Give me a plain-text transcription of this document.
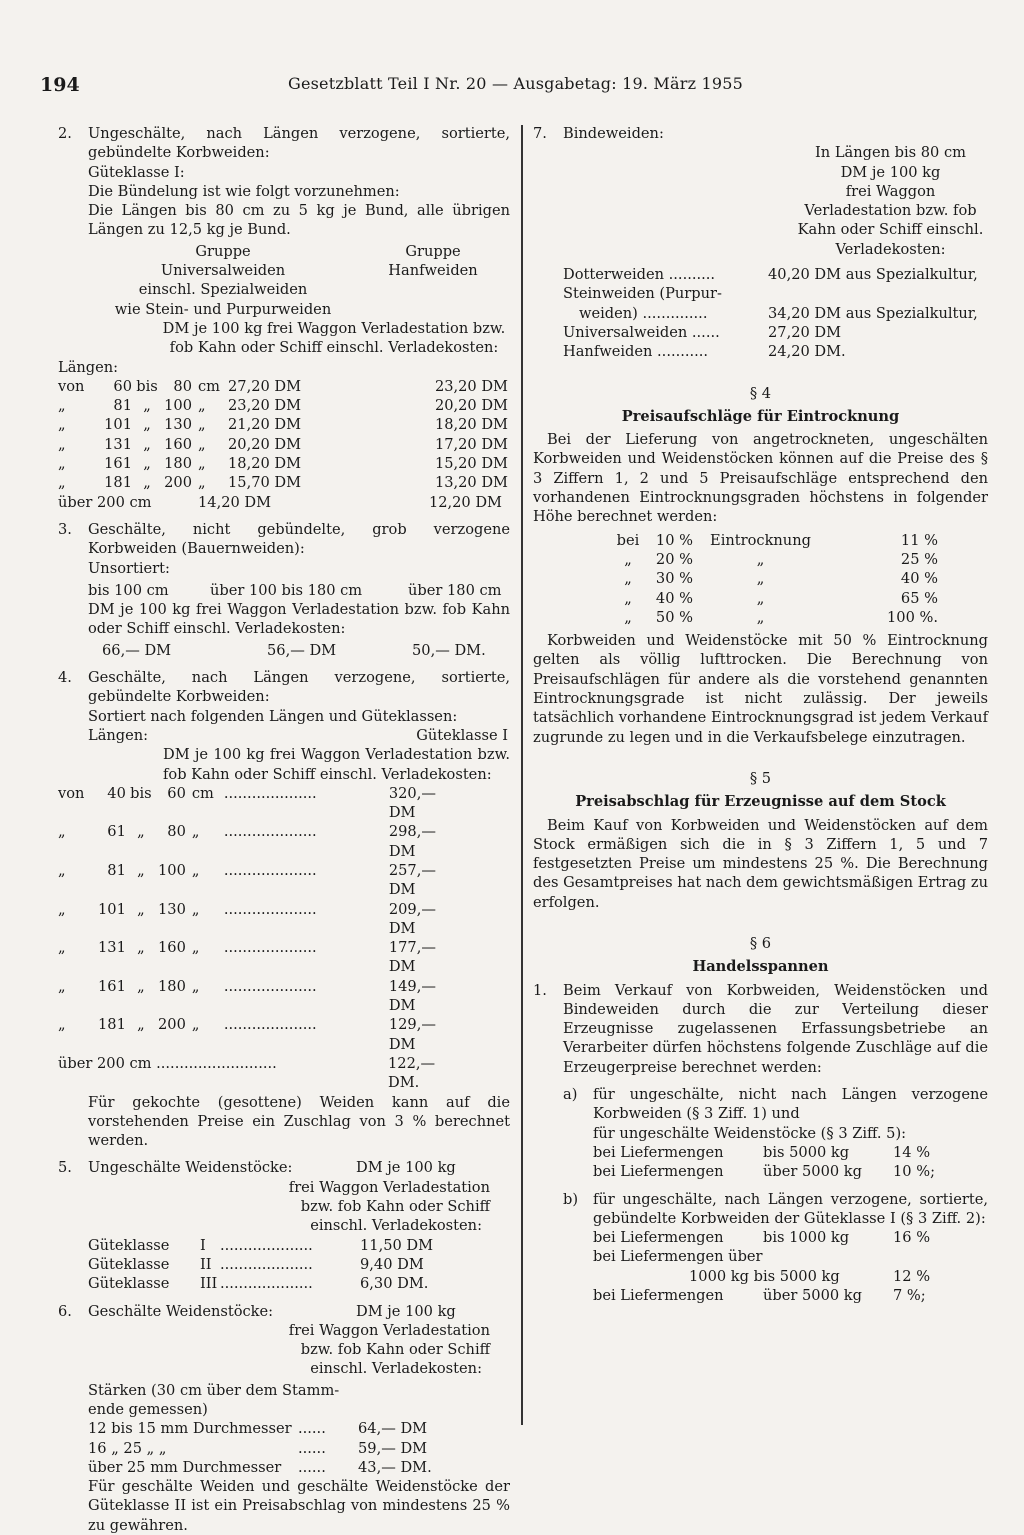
194	Gesetzblatt Teil I Nr. 20 — Ausgabetag: 19. März 1955
2. Ungeschälte, nach Längen verzogene, sortierte, gebündelte Korbweiden:

Güteklasse I:

Die Bündelung ist wie folgt vorzunehmen:

Die Längen bis 80 cm zu 5 kg je Bund, alle übrigen Längen zu 12,5 kg je Bund.

Gruppe
Universalweiden
einschl. Spezialweiden
wie Stein- und Purpurweiden
Gruppe
Hanfweiden

DM je 100 kg frei Waggon Verladestation bzw. fob Kahn oder Schiff einschl. Verladekosten:

Längen:

von	60	bis	80	cm	27,20 DM	23,20 DM
„	81	„	100	„	23,20 DM	20,20 DM
„	101	„	130	„	21,20 DM	18,20 DM
„	131	„	160	„	20,20 DM	17,20 DM
„	161	„	180	„	18,20 DM	15,20 DM
„	181	„	200	„	15,70 DM	13,20 DM
über 200 cm	14,20 DM	12,20 DM
3. Geschälte, nicht gebündelte, grob verzogene Korbweiden (Bauernweiden):

Unsortiert:

bis 100 cm	über 100 bis 180 cm	über 180 cm

DM je 100 kg frei Waggon Verladestation bzw. fob Kahn oder Schiff einschl. Verladekosten:

66,— DM	56,— DM	50,— DM.
4. Geschälte, nach Längen verzogene, sortierte, gebündelte Korbweiden:

Sortiert nach folgenden Längen und Güteklassen:

Längen:	Güteklasse I

DM je 100 kg frei Waggon Verladestation bzw. fob Kahn oder Schiff einschl. Verladekosten:

von	40	bis	60	cm	....................	320,— DM
„	61	„	80	„	....................	298,— DM
„	81	„	100	„	....................	257,— DM
„	101	„	130	„	....................	209,— DM
„	131	„	160	„	....................	177,— DM
„	161	„	180	„	....................	149,— DM
„	181	„	200	„	....................	129,— DM
über 200 cm ..........................	122,— DM.

Für gekochte (gesottene) Weiden kann auf die vorstehenden Preise ein Zuschlag von 3 % berechnet werden.

5. Ungeschälte Weidenstöcke:	DM je 100 kg

frei Waggon Verladestation

bzw. fob Kahn oder Schiff

einschl. Verladekosten:

Güteklasse	I ....................	11,50 DM
Güteklasse	II ....................	9,40 DM
Güteklasse	III ....................	6,30 DM.
6. Geschälte Weidenstöcke:	DM je 100 kg

frei Waggon Verladestation

bzw. fob Kahn oder Schiff

einschl. Verladekosten:

Stärken (30 cm über dem Stamm-

ende gemessen)

12 bis 15 mm Durchmesser ......	64,— DM
16 „ 25 „ „	......	59,— DM
über 25 mm Durchmesser	......	43,— DM.

Für geschälte Weiden und geschälte Weidenstöcke der Güteklasse II ist ein Preisabschlag von mindestens 25 % zu gewähren.

7. Bindeweiden:

In Längen bis 80 cm

DM je 100 kg

frei Waggon Verladestation bzw. fob Kahn oder Schiff einschl. Verladekosten:

Dotterweiden ..........	40,20 DM aus Spezialkultur,

Steinweiden (Purpur-

weiden) ..............	34,20 DM aus Spezialkultur,
Universalweiden ......	27,20 DM
Hanfweiden ...........	24,20 DM.

§ 4

Preisaufschläge für Eintrocknung

Bei der Lieferung von angetrockneten, ungeschälten Korbweiden und Weidenstöcken können auf die Preise des § 3 Ziffern 1, 2 und 5 Preisaufschläge entsprechend den vorhandenen Eintrocknungsgraden höchstens in folgender Höhe berechnet werden:

bei	10 %	Eintrocknung	11 %
„	20 %	„	25 %
„	30 %	„	40 %
„	40 %	„	65 %
„	50 %	„	100 %.

Korbweiden und Weidenstöcke mit 50 % Eintrocknung gelten als völlig lufttrocken. Die Berechnung von Preisaufschlägen für andere als die vorstehend genannten Eintrocknungsgrade ist nicht zulässig. Der jeweils tatsächlich vorhandene Eintrocknungsgrad ist jedem Verkauf zugrunde zu legen und in die Verkaufsbelege einzutragen.

§ 5

Preisabschlag für Erzeugnisse auf dem Stock

Beim Kauf von Korbweiden und Weidenstöcken auf dem Stock ermäßigen sich die in § 3 Ziffern 1, 5 und 7 festgesetzten Preise um mindestens 25 %. Die Berechnung des Gesamtpreises hat nach dem gewichtsmäßigen Ertrag zu erfolgen.

§ 6

Handelsspannen

1. Beim Verkauf von Korbweiden, Weidenstöcken und Bindeweiden durch die zur Verteilung dieser Erzeugnisse zugelassenen Erfassungsbetriebe an Verarbeiter dürfen höchstens folgende Zuschläge auf die Erzeugerpreise berechnet werden:

a) für ungeschälte, nicht nach Längen verzogene Korbweiden (§ 3 Ziff. 1) und

für ungeschälte Weidenstöcke (§ 3 Ziff. 5):

bei Liefermengen	bis 5000 kg	14 %
bei Liefermengen	über 5000 kg	10 %;
b) für ungeschälte, nach Längen verzogene, sortierte, gebündelte Korbweiden der Güteklasse I (§ 3 Ziff. 2):

bei Liefermengen	bis 1000 kg	16 %

bei Liefermengen über

1000 kg bis 5000 kg	12 %
bei Liefermengen	über 5000 kg	7 %;
